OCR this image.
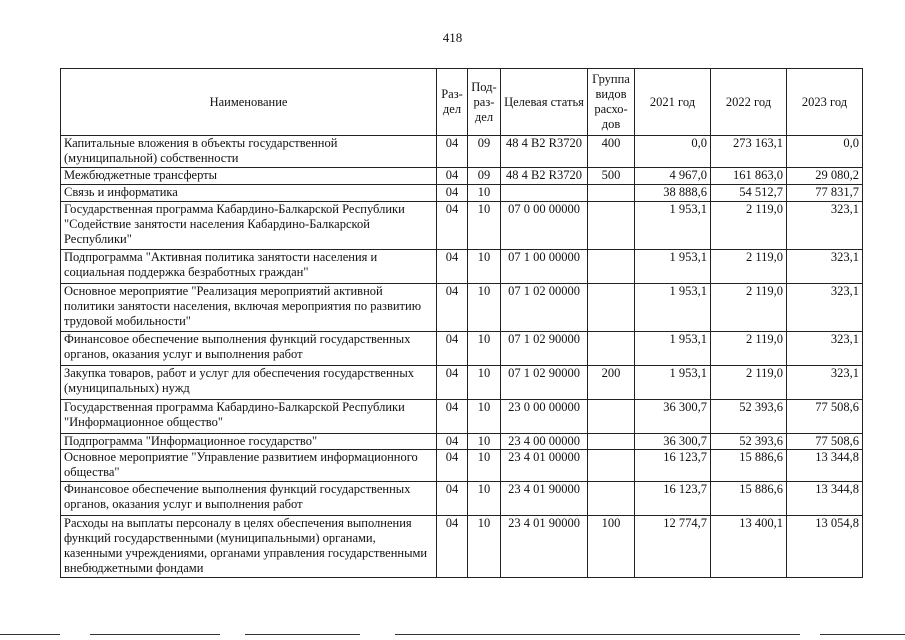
418
Наименование	Раз-дел	Под-раз-дел	Целевая статья	Группа видов расхо-дов	2021 год	2022 год	2023 год
Капитальные вложения в объекты государственной (муниципальной) собственности	04	09	48 4 B2 R3720	400	0,0	273 163,1	0,0
Межбюджетные трансферты	04	09	48 4 B2 R3720	500	4 967,0	161 863,0	29 080,2
Связь и информатика	04	10			38 888,6	54 512,7	77 831,7
Государственная программа Кабардино-Балкарской Республики "Содействие занятости населения Кабардино-Балкарской Республики"	04	10	07 0 00 00000		1 953,1	2 119,0	323,1
Подпрограмма "Активная политика занятости населения и социальная поддержка безработных граждан"	04	10	07 1 00 00000		1 953,1	2 119,0	323,1
Основное мероприятие "Реализация мероприятий активной политики занятости населения, включая мероприятия по развитию трудовой мобильности"	04	10	07 1 02 00000		1 953,1	2 119,0	323,1
Финансовое обеспечение выполнения функций государственных органов, оказания услуг и выполнения работ	04	10	07 1 02 90000		1 953,1	2 119,0	323,1
Закупка товаров, работ и услуг для обеспечения государственных (муниципальных) нужд	04	10	07 1 02 90000	200	1 953,1	2 119,0	323,1
Государственная программа Кабардино-Балкарской Республики "Информационное общество"	04	10	23 0 00 00000		36 300,7	52 393,6	77 508,6
Подпрограмма "Информационное государство"	04	10	23 4 00 00000		36 300,7	52 393,6	77 508,6
Основное мероприятие "Управление развитием информационного общества"	04	10	23 4 01 00000		16 123,7	15 886,6	13 344,8
Финансовое обеспечение выполнения функций государственных органов, оказания услуг и выполнения работ	04	10	23 4 01 90000		16 123,7	15 886,6	13 344,8
Расходы на выплаты персоналу в целях обеспечения выполнения функций государственными (муниципальными) органами, казенными учреждениями, органами управления государственными внебюджетными фондами	04	10	23 4 01 90000	100	12 774,7	13 400,1	13 054,8
